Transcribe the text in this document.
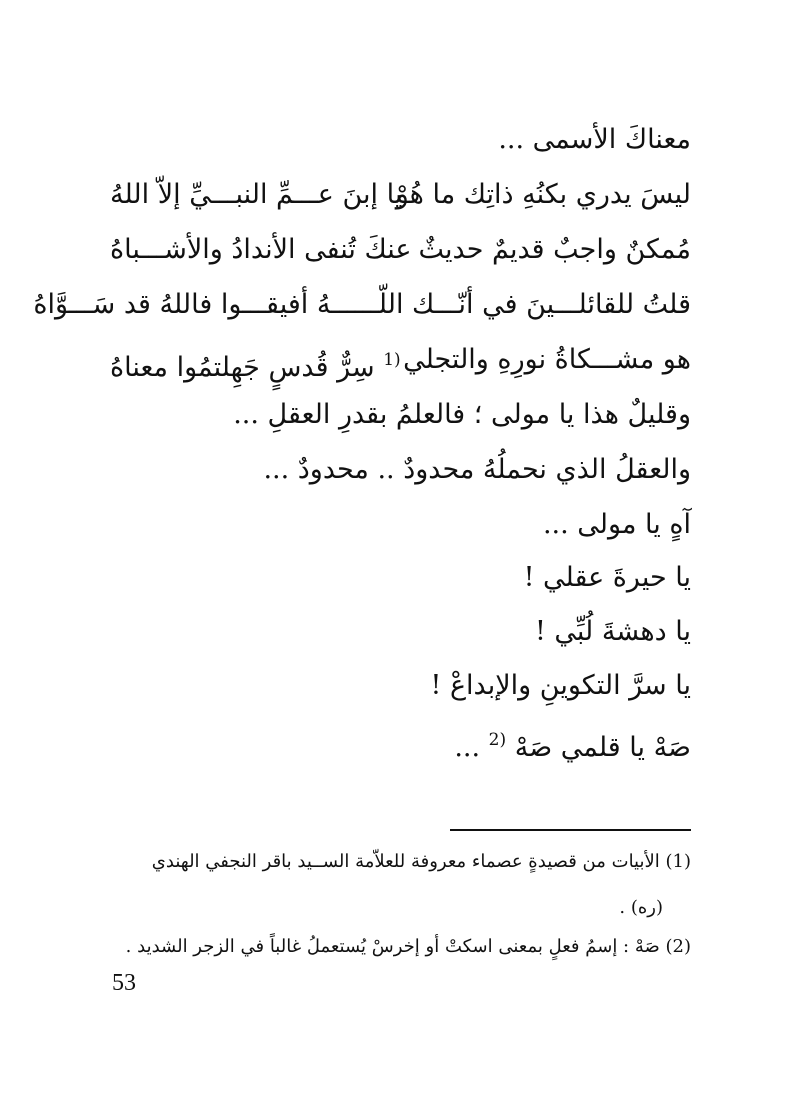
معناكَ الأسمى ...
ليسَ يدري بكنُهِ ذاتِك ما هُوْ
يا إبنَ عـــمِّ النبـــيِّ إلاّ اللهُ
مُمكنٌ واجبٌ قديمٌ حديثٌ
عنكَ تُنفى الأندادُ والأشـــباهُ
قلتُ للقائلـــينَ في أنّـــك اللّــــــهُ أفيقـــوا فاللهُ قد سَـــوَّاهُ
هو مشـــكاةُ نورِهِ والتجلي
$^{(1}$ سِرٌّ قُدسٍ جَهِلتمُوا معناهُ
وقليلٌ هذا يا مولى ؛ فالعلمُ بقدرِ العقلِ ...
والعقلُ الذي نحملُهُ محدودٌ .. محدودٌ ...
آهٍ يا مولى ...
يا حيرةَ عقلي !
يا دهشةَ لُبِّي !
يا سرَّ التكوينِ والإبداعْ !
صَهْ يا قلمي صَهْ $^{(2}$ ...
(1) الأبيات من قصيدةٍ عصماء معروفة للعلاّمة الســيد باقر النجفي الهندي
(ره) .
(2) صَهْ : إسمُ فعلٍ بمعنى اسكتْ أو إخرسْ يُستعملُ غالباً في الزجر الشديد .
53
